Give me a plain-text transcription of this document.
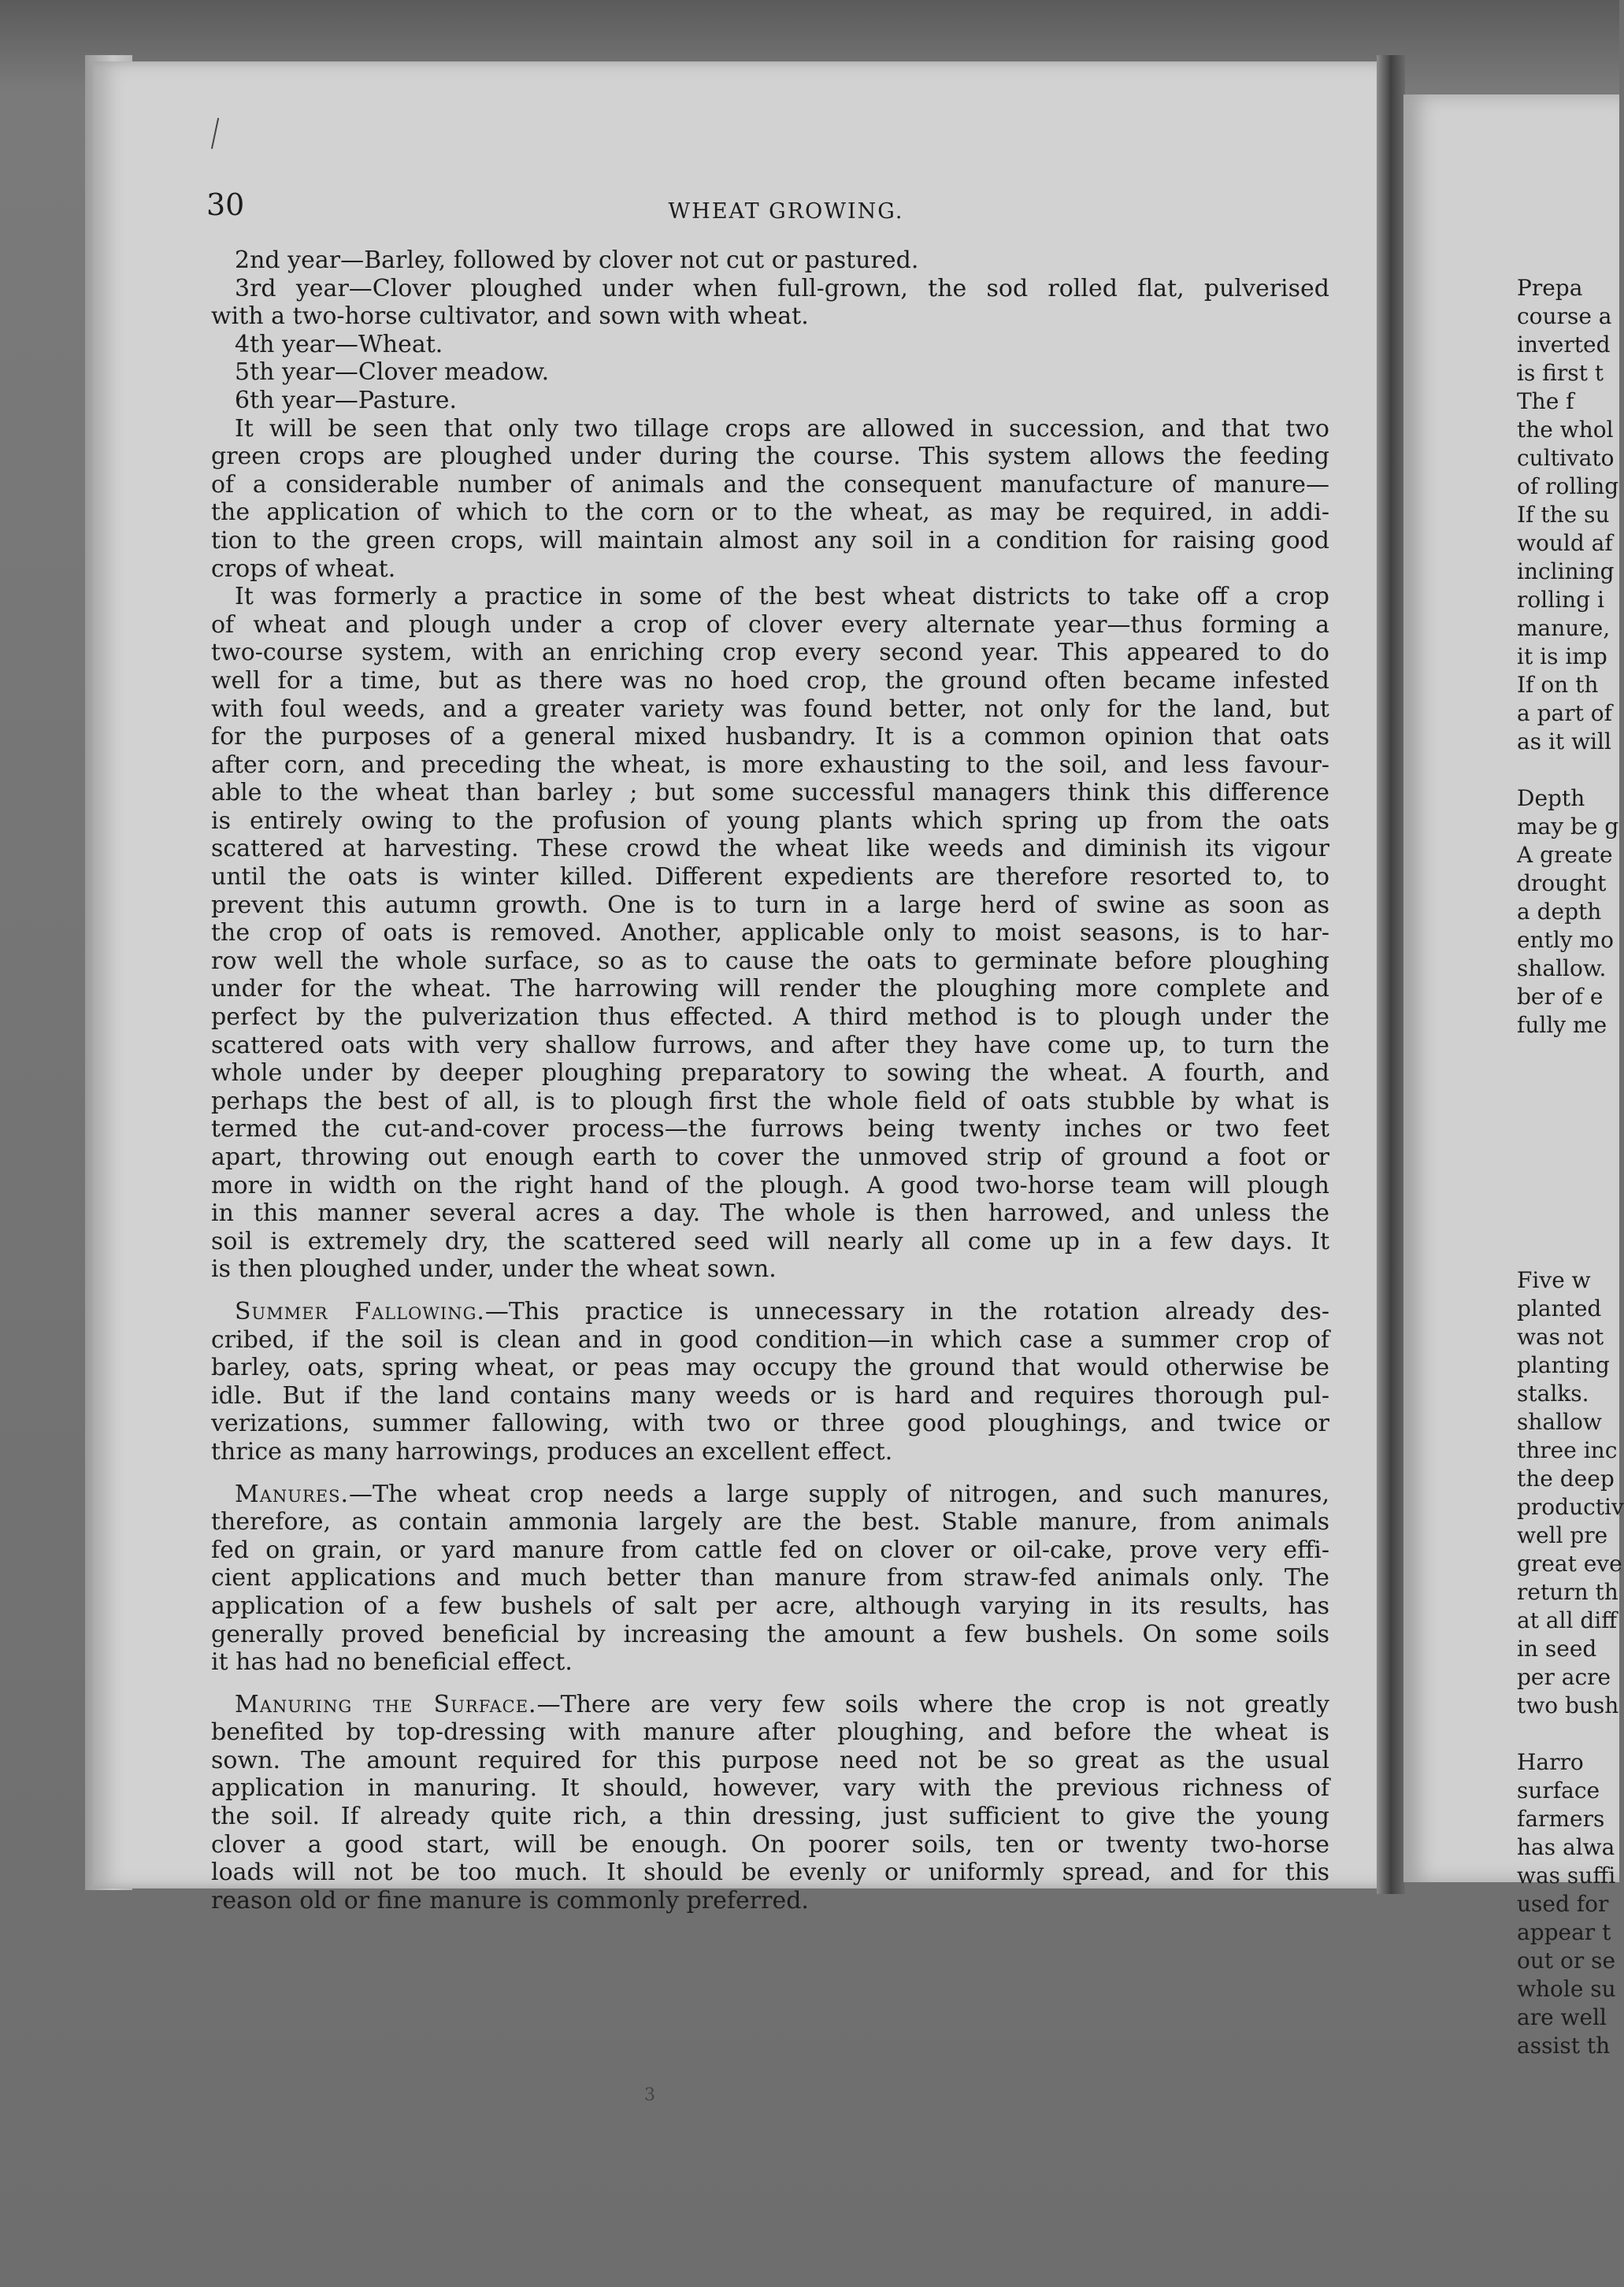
30	WHEAT GROWING.
2nd year—Barley, followed by clover not cut or pastured.
3rd year—Clover ploughed under when full-grown, the sod rolled flat, pulverised
with a two-horse cultivator, and sown with wheat.
4th year—Wheat.
5th year—Clover meadow.
6th year—Pasture.
It will be seen that only two tillage crops are allowed in succession, and that two
green crops are ploughed under during the course. This system allows the feeding
of a considerable number of animals and the consequent manufacture of manure—
the application of which to the corn or to the wheat, as may be required, in addi-
tion to the green crops, will maintain almost any soil in a condition for raising good
crops of wheat.
It was formerly a practice in some of the best wheat districts to take off a crop
of wheat and plough under a crop of clover every alternate year—thus forming a
two-course system, with an enriching crop every second year. This appeared to do
well for a time, but as there was no hoed crop, the ground often became infested
with foul weeds, and a greater variety was found better, not only for the land, but
for the purposes of a general mixed husbandry. It is a common opinion that oats
after corn, and preceding the wheat, is more exhausting to the soil, and less favour-
able to the wheat than barley ; but some successful managers think this difference
is entirely owing to the profusion of young plants which spring up from the oats
scattered at harvesting. These crowd the wheat like weeds and diminish its vigour
until the oats is winter killed. Different expedients are therefore resorted to, to
prevent this autumn growth. One is to turn in a large herd of swine as soon as
the crop of oats is removed. Another, applicable only to moist seasons, is to har-
row well the whole surface, so as to cause the oats to germinate before ploughing
under for the wheat. The harrowing will render the ploughing more complete and
perfect by the pulverization thus effected. A third method is to plough under the
scattered oats with very shallow furrows, and after they have come up, to turn the
whole under by deeper ploughing preparatory to sowing the wheat. A fourth, and
perhaps the best of all, is to plough first the whole field of oats stubble by what is
termed the cut-and-cover process—the furrows being twenty inches or two feet
apart, throwing out enough earth to cover the unmoved strip of ground a foot or
more in width on the right hand of the plough. A good two-horse team will plough
in this manner several acres a day. The whole is then harrowed, and unless the
soil is extremely dry, the scattered seed will nearly all come up in a few days. It
is then ploughed under, under the wheat sown.
Summer Fallowing.—This practice is unnecessary in the rotation already des-
cribed, if the soil is clean and in good condition—in which case a summer crop of
barley, oats, spring wheat, or peas may occupy the ground that would otherwise be
idle. But if the land contains many weeds or is hard and requires thorough pul-
verizations, summer fallowing, with two or three good ploughings, and twice or
thrice as many harrowings, produces an excellent effect.
Manures.—The wheat crop needs a large supply of nitrogen, and such manures,
therefore, as contain ammonia largely are the best. Stable manure, from animals
fed on grain, or yard manure from cattle fed on clover or oil-cake, prove very effi-
cient applications and much better than manure from straw-fed animals only. The
application of a few bushels of salt per acre, although varying in its results, has
generally proved beneficial by increasing the amount a few bushels. On some soils
it has had no beneficial effect.
Manuring the Surface.—There are very few soils where the crop is not greatly
benefited by top-dressing with manure after ploughing, and before the wheat is
sown. The amount required for this purpose need not be so great as the usual
application in manuring. It should, however, vary with the previous richness of
the soil. If already quite rich, a thin dressing, just sufficient to give the young
clover a good start, will be enough. On poorer soils, ten or twenty two-horse
loads will not be too much. It should be evenly or uniformly spread, and for this
reason old or fine manure is commonly preferred.
3
Prepa
course a
inverted
is first t
The f
the whol
cultivato
of rolling
If the su
would af
inclining
rolling i
manure,
it is imp
If on th
a part of
as it will
Depth
may be g
A greate
drought
a depth
ently mo
shallow.
ber of e
fully me
Five w
planted
was not
planting
stalks.
shallow
three inc
the deep
productiv
well pre
great eve
return th
at all diff
in seed
per acre
two bush
Harro
surface
farmers
has alwa
was suffi
used for
appear t
out or se
whole su
are well
assist th
